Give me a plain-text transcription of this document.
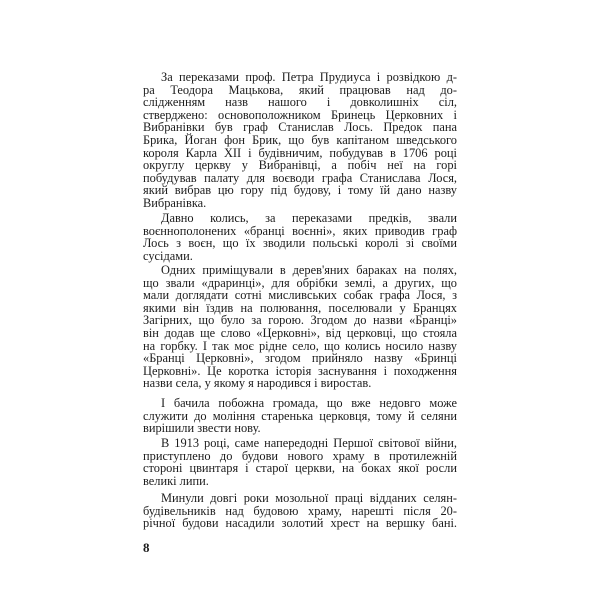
За переказами проф. Петра Прудиуса і розвідкою д-
ра Теодора Мацькова, який працював над до-
слідженням назв нашого і довколишніх сіл,
стверджено: основоположником Бринець Церковних і
Вибранівки був граф Станислав Лось. Предок пана
Брика, Йоган фон Брик, що був капітаном шведського
короля Карла XII і будівничим, побудував в 1706 році
округлу церкву у Вибранівці, а побіч неї на горі
побудував палату для воєводи графа Станислава Лося,
який вибрав цю гору під будову, і тому їй дано назву
Вибранівка.
Давно колись, за переказами предків, звали
воєннополонених «бранці воєнні», яких приводив граф
Лось з воєн, що їх зводили польські королі зі своїми
сусідами.
Одних приміщували в дерев'яних бараках на полях,
що звали «драринці», для обрібки землі, а других, що
мали доглядати сотні мисливських собак графа Лося, з
якими він їздив на полювання, поселювали у Бранцях
Загірних, що було за горою. Згодом до назви «Бранці»
він додав ще слово «Церковні», від церковці, що стояла
на горбку. І так моє рідне село, що колись носило назву
«Бранці Церковні», згодом прийняло назву «Бринці
Церковні». Це коротка історія заснування і походження
назви села, у якому я народився і виростав.
І бачила побожна громада, що вже недовго може
служити до моління старенька церковця, тому й селяни
вирішили звести нову.
В 1913 році, саме напередодні Першої світової війни,
приступлено до будови нового храму в протилежній
стороні цвинтаря і старої церкви, на боках якої росли
великі липи.
Минули довгі роки мозольної праці відданих селян-
будівельників над будовою храму, нарешті після 20-
річної будови насадили золотий хрест на вершку бані.
8
